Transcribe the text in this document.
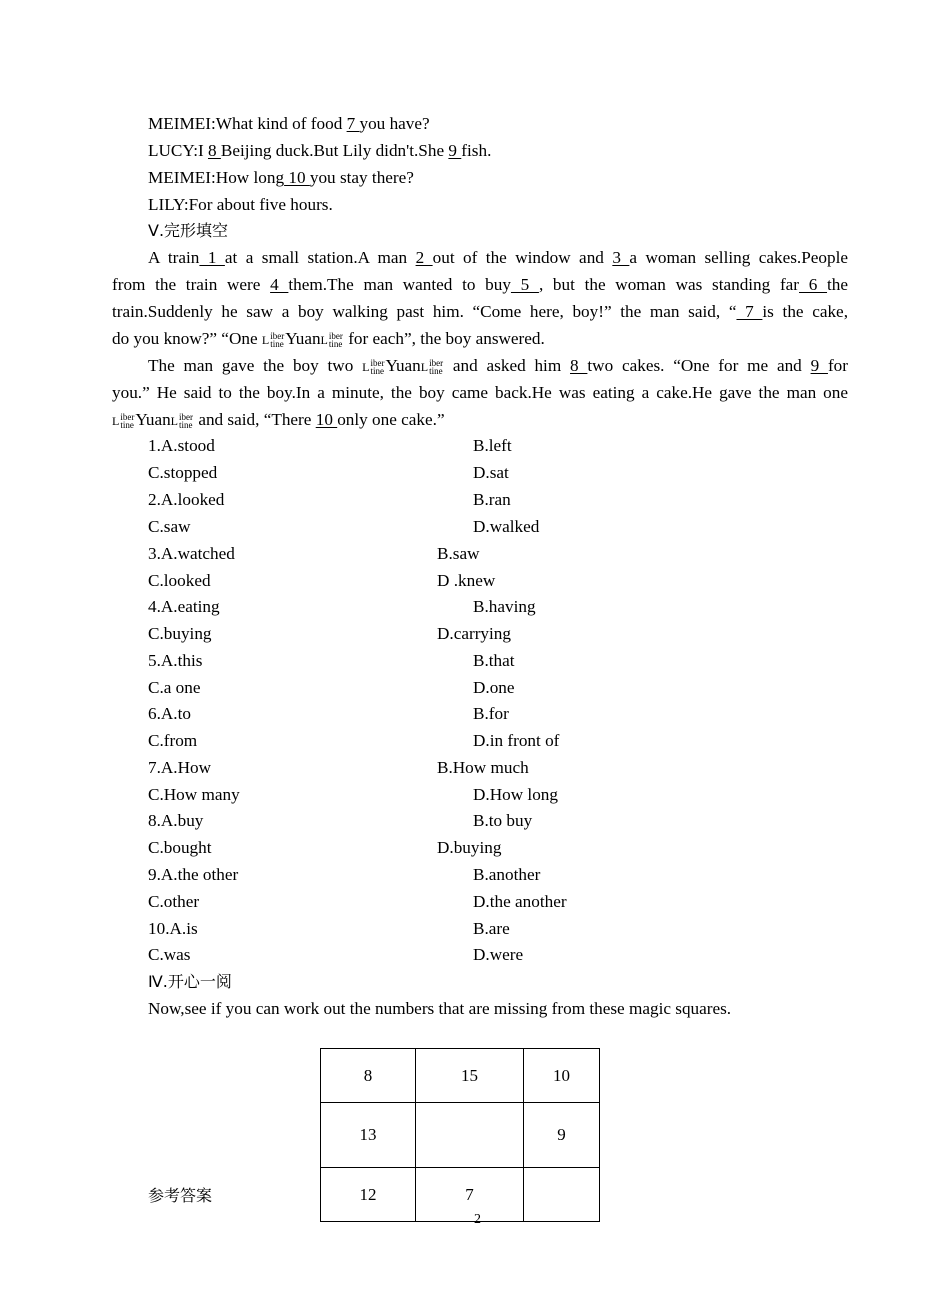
MEIMEI:What kind of food 7 you have?
LUCY:I 8 Beijing duck.But Lily didn't.She 9 fish.
MEIMEI:How long 10 you stay there?
LILY:For about five hours.
Ⅴ.完形填空
A train 1 at a small station.A man 2 out of the window and 3 a woman selling cakes.People
from the train were 4 them.The man wanted to buy 5 , but the woman was standing far 6 the
train.Suddenly he saw a boy walking past him. “Come here, boy!” the man said, “ 7 is the cake,
do you know?” “One L iber
tine YuanL iber
tine for each”, the boy answered.
The man gave the boy two L iber
tine YuanL iber
tine and asked him 8 two cakes. “One for me and 9 for
you.” He said to the boy.In a minute, the boy came back.He was eating a cake.He gave the man one
L iber
tine YuanL iber
tine and said, “There 10 only one cake.”
1.A.stood	B.left
C.stopped	D.sat
2.A.looked	B.ran
C.saw	D.walked
3.A.watched	B.saw
C.looked	D .knew
4.A.eating	B.having
C.buying	D.carrying
5.A.this	B.that
C.a one	D.one
6.A.to	B.for
C.from	D.in front of
7.A.How	B.How much
C.How many	D.How long
8.A.buy	B.to buy
C.bought	D.buying
9.A.the other	B.another
C.other	D.the another
10.A.is	B.are
C.was	D.were
Ⅳ.开心一阅
Now,see if you can work out the numbers that are missing from these magic squares.
8	15	10
13		9
12	7	
参考答案
2
